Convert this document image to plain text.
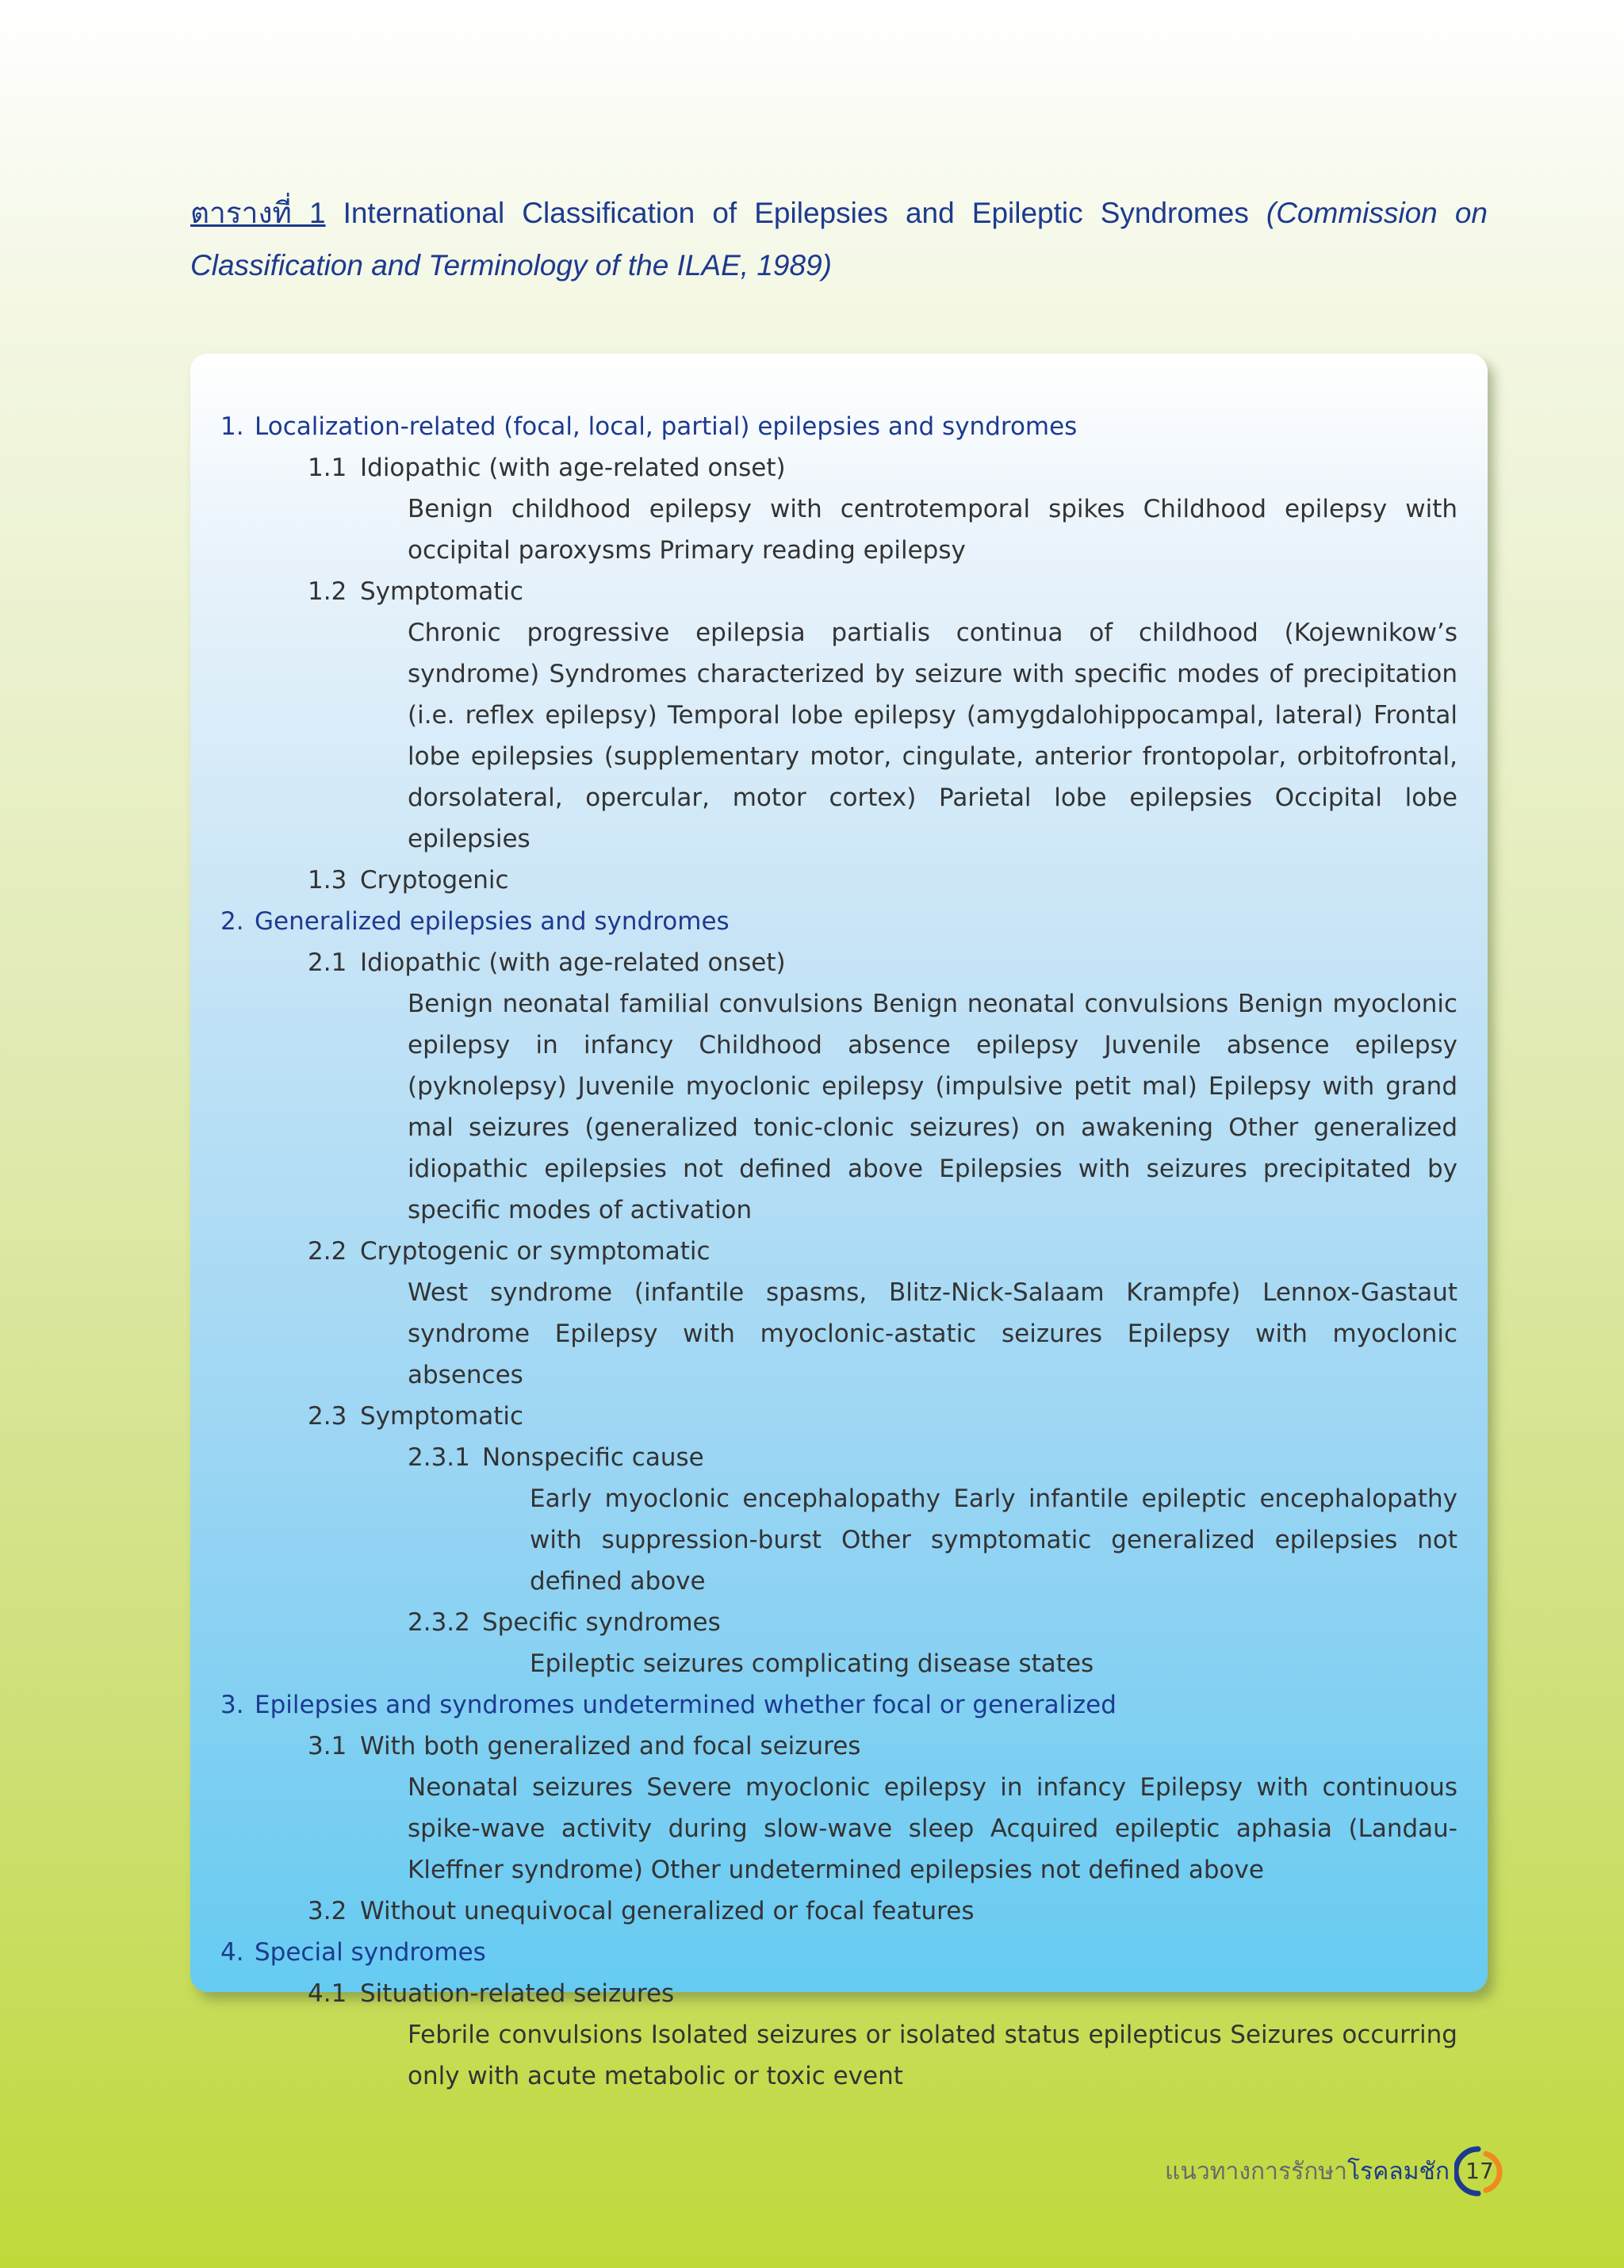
ตารางที่ 1 International Classification of Epilepsies and Epileptic Syndromes (Commission on Classification and Terminology of the ILAE, 1989)
1. Localization-related (focal, local, partial) epilepsies and syndromes
1.1 Idiopathic (with age-related onset)
Benign childhood epilepsy with centrotemporal spikes Childhood epilepsy with occipital paroxysms Primary reading epilepsy
1.2 Symptomatic
Chronic progressive epilepsia partialis continua of childhood (Kojewnikow’s syndrome) Syndromes characterized by seizure with specific modes of precipitation (i.e. reflex epilepsy) Temporal lobe epilepsy (amygdalohippocampal, lateral) Frontal lobe epilepsies (supplementary motor, cingulate, anterior frontopolar, orbitofrontal, dorsolateral, opercular, motor cortex) Parietal lobe epilepsies Occipital lobe epilepsies
1.3 Cryptogenic
2. Generalized epilepsies and syndromes
2.1 Idiopathic (with age-related onset)
Benign neonatal familial convulsions Benign neonatal convulsions Benign myoclonic epilepsy in infancy Childhood absence epilepsy Juvenile absence epilepsy (pyknolepsy) Juvenile myoclonic epilepsy (impulsive petit mal) Epilepsy with grand mal seizures (generalized tonic-clonic seizures) on awakening Other generalized idiopathic epilepsies not defined above Epilepsies with seizures precipitated by specific modes of activation
2.2 Cryptogenic or symptomatic
West syndrome (infantile spasms, Blitz-Nick-Salaam Krampfe) Lennox-Gastaut syndrome Epilepsy with myoclonic-astatic seizures Epilepsy with myoclonic absences
2.3 Symptomatic
2.3.1 Nonspecific cause
Early myoclonic encephalopathy Early infantile epileptic encephalopathy with suppression-burst Other symptomatic generalized epilepsies not defined above
2.3.2 Specific syndromes
Epileptic seizures complicating disease states
3. Epilepsies and syndromes undetermined whether focal or generalized
3.1 With both generalized and focal seizures
Neonatal seizures Severe myoclonic epilepsy in infancy Epilepsy with continuous spike-wave activity during slow-wave sleep Acquired epileptic aphasia (Landau-Kleffner syndrome) Other undetermined epilepsies not defined above
3.2 Without unequivocal generalized or focal features
4. Special syndromes
4.1 Situation-related seizures
Febrile convulsions Isolated seizures or isolated status epilepticus Seizures occurring only with acute metabolic or toxic event
แนวทางการรักษา โรคลมชัก 17
